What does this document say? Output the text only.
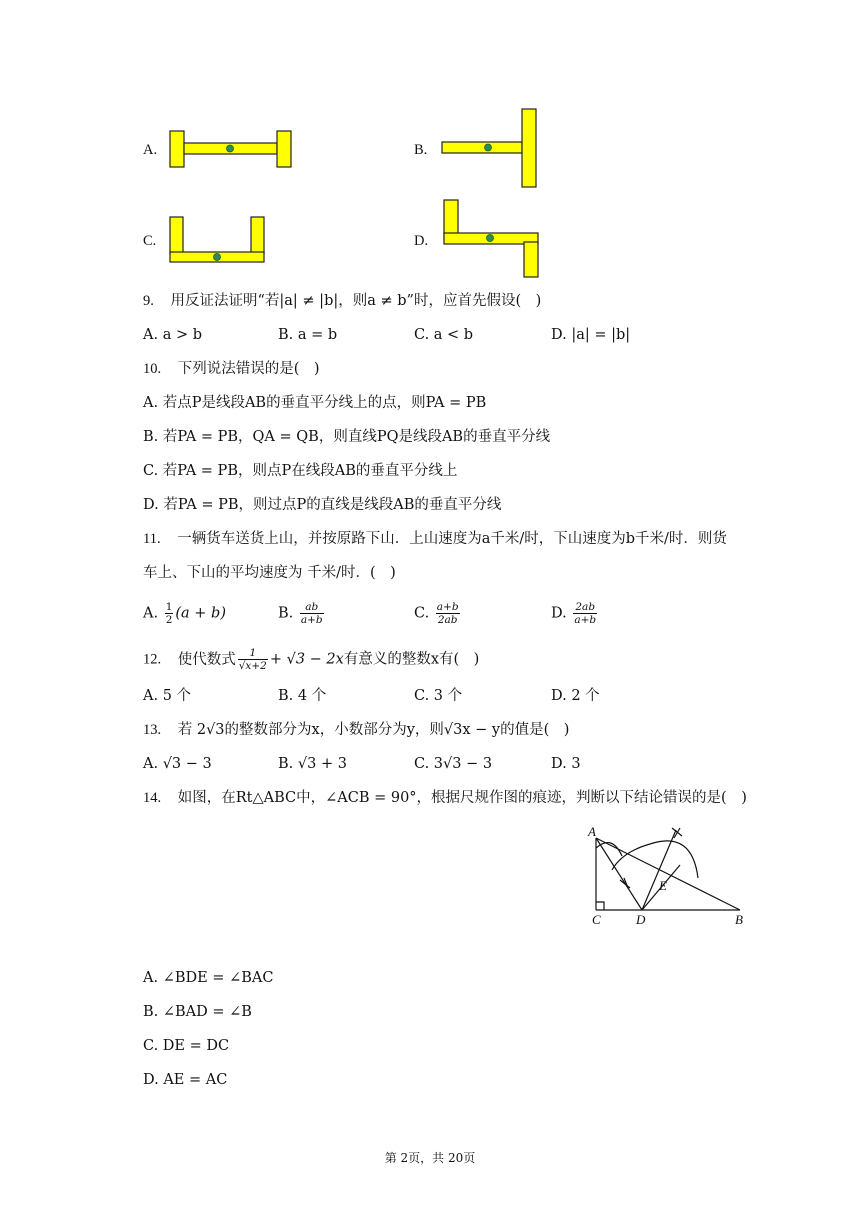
A.	B.
C.	D.
9. 用反证法证明“若|a| ≠ |b|，则a ≠ b”时，应首先假设(　)
A. a > b	B. a = b	C. a < b	D. |a| = |b|
10. 下列说法错误的是(　)
A. 若点P是线段AB的垂直平分线上的点，则PA = PB
B. 若PA = PB，QA = QB，则直线PQ是线段AB的垂直平分线
C. 若PA = PB，则点P在线段AB的垂直平分线上
D. 若PA = PB，则过点P的直线是线段AB的垂直平分线
11. 一辆货车送货上山，并按原路下山．上山速度为a千米/时，下山速度为b千米/时．则货
车上、下山的平均速度为 千米/时．(　)
A. $\frac{1}{2} (a + b)$	B. $\frac{ab}{a+b}$	C. $\frac{a+b}{2ab}$	D. $\frac{2ab}{a+b}$
12. 使代数式 $\frac{1}{√x+2} + √3 - 2x$有意义的整数x有(　)
A. 5 个	B. 4 个	C. 3 个	D. 2 个
13. 若 2√3的整数部分为x，小数部分为y，则√3x − y的值是(　)
A. √3 − 3	B. √3 + 3	C. 3√3 − 3	D. 3
14. 如图，在Rt△ABC中，∠ACB = 90°，根据尺规作图的痕迹，判断以下结论错误的是(　)
A
C	D
E
B
A. ∠BDE = ∠BAC
B. ∠BAD = ∠B
C. DE = DC
D. AE = AC
第 2页，共 20页
